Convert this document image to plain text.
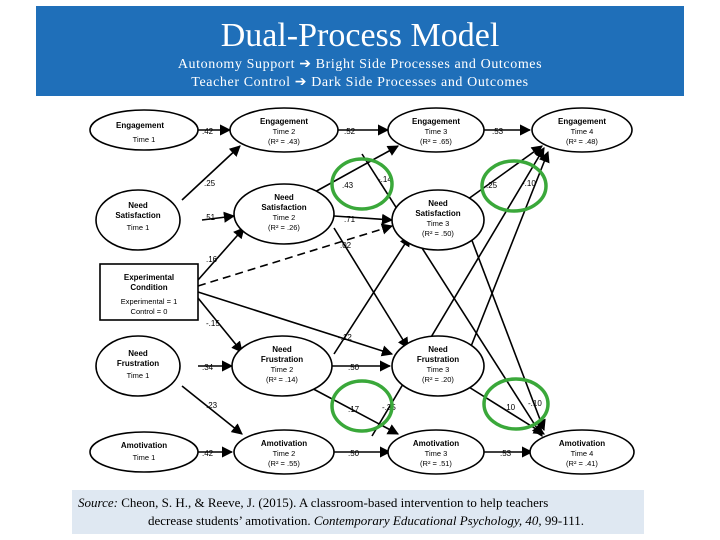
Dual-Process Model
Autonomy Support ➔ Bright Side Processes and Outcomes
Teacher Control ➔ Dark Side Processes and Outcomes
Engagement
Time 1
Engagement
Time 2
(R² = .43)
Engagement
Time 3
(R² = .65)
Engagement
Time 4
(R² = .48)
Need
Satisfaction
Time 1
Need
Satisfaction
Time 2
(R² = .26)
Need
Satisfaction
Time 3
(R² = .50)
Experimental
Condition
Experimental = 1
Control = 0
Need
Frustration
Time 1
Need
Frustration
Time 2
(R² = .14)
Need
Frustration
Time 3
(R² = .20)
Amotivation
Time 1
Amotivation
Time 2
(R² = .55)
Amotivation
Time 3
(R² = .51)
Amotivation
Time 4
(R² = .41)
.42	.52	.53
.25
.51
.43
.71
.25
.02
.16
-.15
-.12
.34	.50
.23
.42
.17
.50	.53
.10
-.14	-.10
-.35	-.10
Source: Cheon, S. H., & Reeve, J. (2015). A classroom-based intervention to help teachers
decrease students’ amotivation. Contemporary Educational Psychology, 40, 99-111.
